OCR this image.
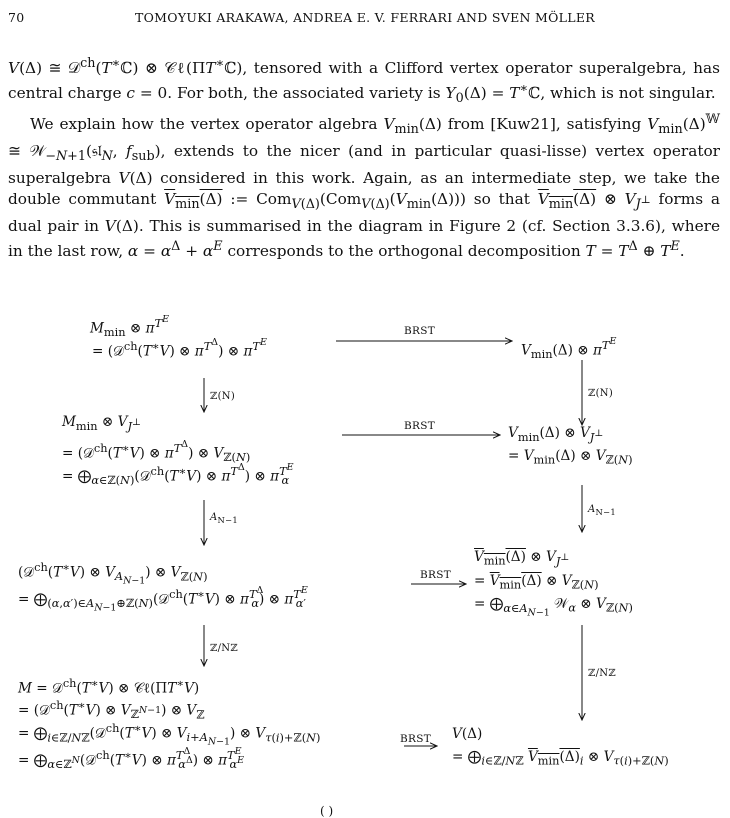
70	TOMOYUKI ARAKAWA, ANDREA E. V. FERRARI AND SVEN MÖLLER

V(Δ) ≅ 𝒟$^{ch}$(T∗ℂ) ⊗ 𝒞ℓ(ΠT∗ℂ), tensored with a Clifford vertex operator superalgebra, has central charge c = 0. For both, the associated variety is $Y_0(\Delta)$ = T∗ℂ, which is not singular.

We explain how the vertex operator algebra $V_{min}(\Delta)$ from [Kuw21], satisfying $V_{min}(\Delta)^𝕎$ ≅ 𝒲$_{-N+1}$(𝔰𝔩$_N$, $f_{sub}$), extends to the nicer (and in particular quasi-lisse) vertex operator superalgebra V(Δ) considered in this work. Again, as an intermediate step, we take the double commutant $V_{min}(\Delta)$ := $Com_{V(\Delta)}(Com_{V(\Delta)}(V_{min}(\Delta)))$ so that $V_{min}(\Delta)$ ⊗ $V_{J^\perp}$ forms a dual pair in V(Δ). This is summarised in the diagram in Figure 2 (cf. Section 3.3.6), where in the last row, $\alpha = \alpha^\Delta + \alpha^E$ corresponds to the orthogonal decomposition $T = T^\Delta$ ⊕ $T^E$.

$M_{min}$ ⊗ $\pi^{T^E}$
= (𝒟$^{ch}$(T∗V) ⊗ $\pi^{T^\Delta}$) ⊗ $\pi^{T^E}$
$M_{min}$ ⊗ $V_{J^\perp}$
= (𝒟$^{ch}$(T∗V) ⊗ $\pi^{T^\Delta}$) ⊗ $V_{ℤ(N)}$
= $⨁_{\alpha\in ℤ(N)}(𝒟^{ch}(T^∗V)$ ⊗ $\pi^{T^\Delta}$) ⊗ $\pi^{T^E}_\alpha$
(𝒟$^{ch}$(T∗V) ⊗ $V_{A_{N-1}}$) ⊗ $V_{ℤ(N)}$
= $⨁_{(\alpha,\alpha')\in A_{N-1}\oplus ℤ(N)}(𝒟^{ch}(T^∗V)$ ⊗ $\pi^{T^\Delta}_\alpha$) ⊗ $\pi^{T^E}_{\alpha'}$
M = 𝒟$^{ch}$(T∗V) ⊗ 𝒞ℓ(ΠT∗V)
= (𝒟$^{ch}$(T∗V) ⊗ $V_{ℤ^{N-1}}$) ⊗ $V_ℤ$
= $⨁_{i\in ℤ/Nℤ}(𝒟^{ch}(T^∗V)$ ⊗ $V_{i+A_{N-1}}$) ⊗ $V_{\tau(i)+ℤ(N)}$
= $⨁_{\alpha\in ℤ^N}(𝒟^{ch}(T^∗V)$ ⊗ $\pi^{T^\Delta}_{\alpha^\Delta}$) ⊗ $\pi^{T^E}_{\alpha^E}$
$V_{min}(\Delta)$ ⊗ $\pi^{T^E}$
$V_{min}(\Delta)$ ⊗ $V_{J^\perp}$
= $V_{min}(\Delta)$ ⊗ $V_{ℤ(N)}$
$V_{min}(\Delta)$ ⊗ $V_{J^\perp}$
= $V_{min}(\Delta)$ ⊗ $V_{ℤ(N)}$
= $⨁_{\alpha\in A_{N-1}}$ 𝒲$_\alpha$ ⊗ $V_{ℤ(N)}$
V(Δ)
= $⨁_{i\in ℤ/Nℤ}$ $V_{min}(\Delta)_i$ ⊗ $V_{\tau(i)+ℤ(N)}$
BRST
BRST
BRST
BRST
ℤ(N)	ℤ(N)
$A_{N-1}$
$A_{N-1}$
ℤ/Nℤ
ℤ/Nℤ
( )
